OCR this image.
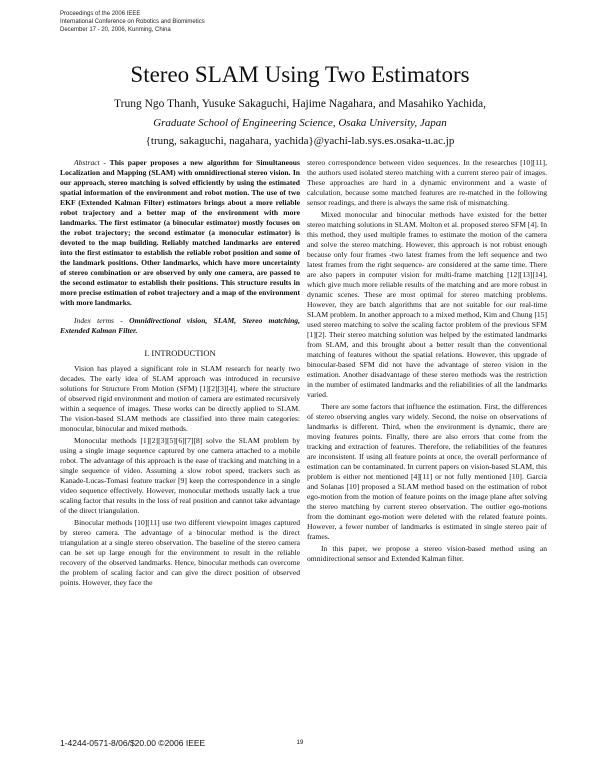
Proceedings of the 2006 IEEE
International Conference on Robotics and Biomimetics
December 17 - 20, 2006, Kunming, China
Stereo SLAM Using Two Estimators
Trung Ngo Thanh, Yusuke Sakaguchi, Hajime Nagahara, and Masahiko Yachida,
Graduate School of Engineering Science, Osaka University, Japan
{trung, sakaguchi, nagahara, yachida}@yachi-lab.sys.es.osaka-u.ac.jp

Abstract - This paper proposes a new algorithm for Simultaneous Localization and Mapping (SLAM) with omnidirectional stereo vision. In our approach, stereo matching is solved efficiently by using the estimated spatial information of the environment and robot motion. The use of two EKF (Extended Kalman Filter) estimators brings about a more reliable robot trajectory and a better map of the environment with more landmarks. The first estimator (a binocular estimator) mostly focuses on the robot trajectory; the second estimator (a monocular estimator) is devoted to the map building. Reliably matched landmarks are entered into the first estimator to establish the reliable robot position and some of the landmark positions. Other landmarks, which have more uncertainty of stereo combination or are observed by only one camera, are passed to the second estimator to establish their positions. This structure results in more precise estimation of robot trajectory and a map of the environment with more landmarks.

Index terms - Omnidirectional vision, SLAM, Stereo matching, Extended Kalman Filter.

I. INTRODUCTION

Vision has played a significant role in SLAM research for nearly two decades. The early idea of SLAM approach was introduced in recursive solutions for Structure From Motion (SFM) [1][2][3][4], where the structure of observed rigid environment and motion of camera are estimated recursively within a sequence of images. These works can be directly applied to SLAM. The vision-based SLAM methods are classified into three main categories: monocular, binocular and mixed methods.

Monocular methods [1][2][3][5][6][7][8] solve the SLAM problem by using a single image sequence captured by one camera attached to a mobile robot. The advantage of this approach is the ease of tracking and matching in a single sequence of video. Assuming a slow robot speed, trackers such as Kanade-Lucas-Tomasi feature tracker [9] keep the correspondence in a single video sequence effectively. However, monocular methods usually lack a true scaling factor that results in the loss of real position and cannot take advantage of the direct triangulation.

Binocular methods [10][11] use two different viewpoint images captured by stereo camera. The advantage of a binocular method is the direct triangulation at a single stereo observation. The baseline of the stereo camera can be set up large enough for the environment to result in the reliable recovery of the observed landmarks. Hence, binocular methods can overcome the problem of scaling factor and can give the direct position of observed points. However, they face the

stereo correspondence between video sequences. In the researches [10][11], the authors used isolated stereo matching with a current stereo pair of images. These approaches are hard in a dynamic environment and a waste of calculation, because some matched features are re-matched in the following sensor readings, and there is always the same risk of mismatching.

Mixed monocular and binocular methods have existed for the better stereo matching solutions in SLAM. Molton et al. proposed stereo SFM [4]. In this method, they used multiple frames to estimate the motion of the camera and solve the stereo matching. However, this approach is not robust enough because only four frames -two latest frames from the left sequence and two latest frames from the right sequence- are considered at the same time. There are also papers in computer vision for multi-frame matching [12][13][14], which give much more reliable results of the matching and are more robust in dynamic scenes. These are most optimal for stereo matching problems. However, they are batch algorithms that are not suitable for our real-time SLAM problem. In another approach to a mixed method, Kim and Chung [15] used stereo matching to solve the scaling factor problem of the previous SFM [1][2]. Their stereo matching solution was helped by the estimated landmarks from SLAM, and this brought about a better result than the conventional matching of features without the spatial relations. However, this upgrade of binocular-based SFM did not have the advantage of stereo vision in the estimation. Another disadvantage of these stereo methods was the restriction in the number of estimated landmarks and the reliabilities of all the landmarks varied.

There are some factors that influence the estimation. First, the differences of stereo observing angles vary widely. Second, the noise on observations of landmarks is different. Third, when the environment is dynamic, there are moving features points. Finally, there are also errors that come from the tracking and extraction of features. Therefore, the reliabilities of the features are inconsistent. If using all feature points at once, the overall performance of estimation can be contaminated. In current papers on vision-based SLAM, this problem is either not mentioned [4][11] or not fully mentioned [10]. Garcia and Solanas [10] proposed a SLAM method based on the estimation of robot ego-motion from the motion of feature points on the image plane after solving the stereo matching by current stereo observation. The outlier ego-motions from the dominant ego-motion were deleted with the related feature points. However, a fewer number of landmarks is estimated in single stereo pair of frames.

In this paper, we propose a stereo vision-based method using an omnidirectional sensor and Extended Kalman filter.

1-4244-0571-8/06/$20.00 ©2006 IEEE	19
